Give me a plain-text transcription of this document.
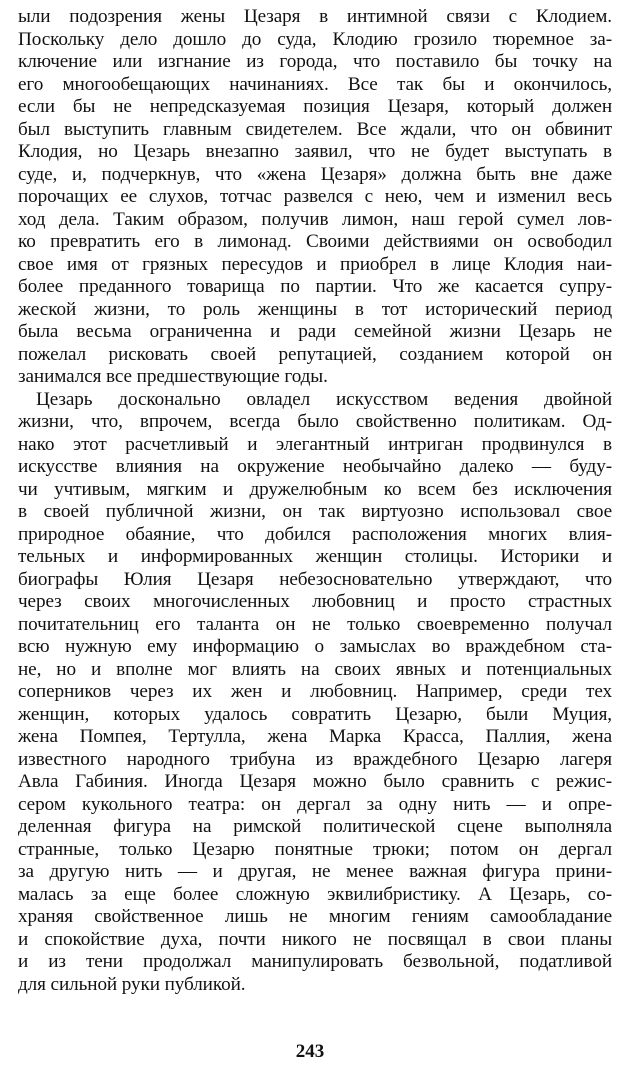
ыли подозрения жены Цезаря в интимной связи с Клодием.
Поскольку дело дошло до суда, Клодию грозило тюремное за-
ключение или изгнание из города, что поставило бы точку на
его многообещающих начинаниях. Все так бы и окончилось,
если бы не непредсказуемая позиция Цезаря, который должен
был выступить главным свидетелем. Все ждали, что он обвинит
Клодия, но Цезарь внезапно заявил, что не будет выступать в
суде, и, подчеркнув, что «жена Цезаря» должна быть вне даже
порочащих ее слухов, тотчас развелся с нею, чем и изменил весь
ход дела. Таким образом, получив лимон, наш герой сумел лов-
ко превратить его в лимонад. Своими действиями он освободил
свое имя от грязных пересудов и приобрел в лице Клодия наи-
более преданного товарища по партии. Что же касается супру-
жеской жизни, то роль женщины в тот исторический период
была весьма ограниченна и ради семейной жизни Цезарь не
пожелал рисковать своей репутацией, созданием которой он
занимался все предшествующие годы.
Цезарь досконально овладел искусством ведения двойной
жизни, что, впрочем, всегда было свойственно политикам. Од-
нако этот расчетливый и элегантный интриган продвинулся в
искусстве влияния на окружение необычайно далеко — буду-
чи учтивым, мягким и дружелюбным ко всем без исключения
в своей публичной жизни, он так виртуозно использовал свое
природное обаяние, что добился расположения многих влия-
тельных и информированных женщин столицы. Историки и
биографы Юлия Цезаря небезосновательно утверждают, что
через своих многочисленных любовниц и просто страстных
почитательниц его таланта он не только своевременно получал
всю нужную ему информацию о замыслах во враждебном ста-
не, но и вполне мог влиять на своих явных и потенциальных
соперников через их жен и любовниц. Например, среди тех
женщин, которых удалось совратить Цезарю, были Муция,
жена Помпея, Тертулла, жена Марка Красса, Паллия, жена
известного народного трибуна из враждебного Цезарю лагеря
Авла Габиния. Иногда Цезаря можно было сравнить с режис-
сером кукольного театра: он дергал за одну нить — и опре-
деленная фигура на римской политической сцене выполняла
странные, только Цезарю понятные трюки; потом он дергал
за другую нить — и другая, не менее важная фигура прини-
малась за еще более сложную эквилибристику. А Цезарь, со-
храняя свойственное лишь не многим гениям самообладание
и спокойствие духа, почти никого не посвящал в свои планы
и из тени продолжал манипулировать безвольной, податливой
для сильной руки публикой.
243
